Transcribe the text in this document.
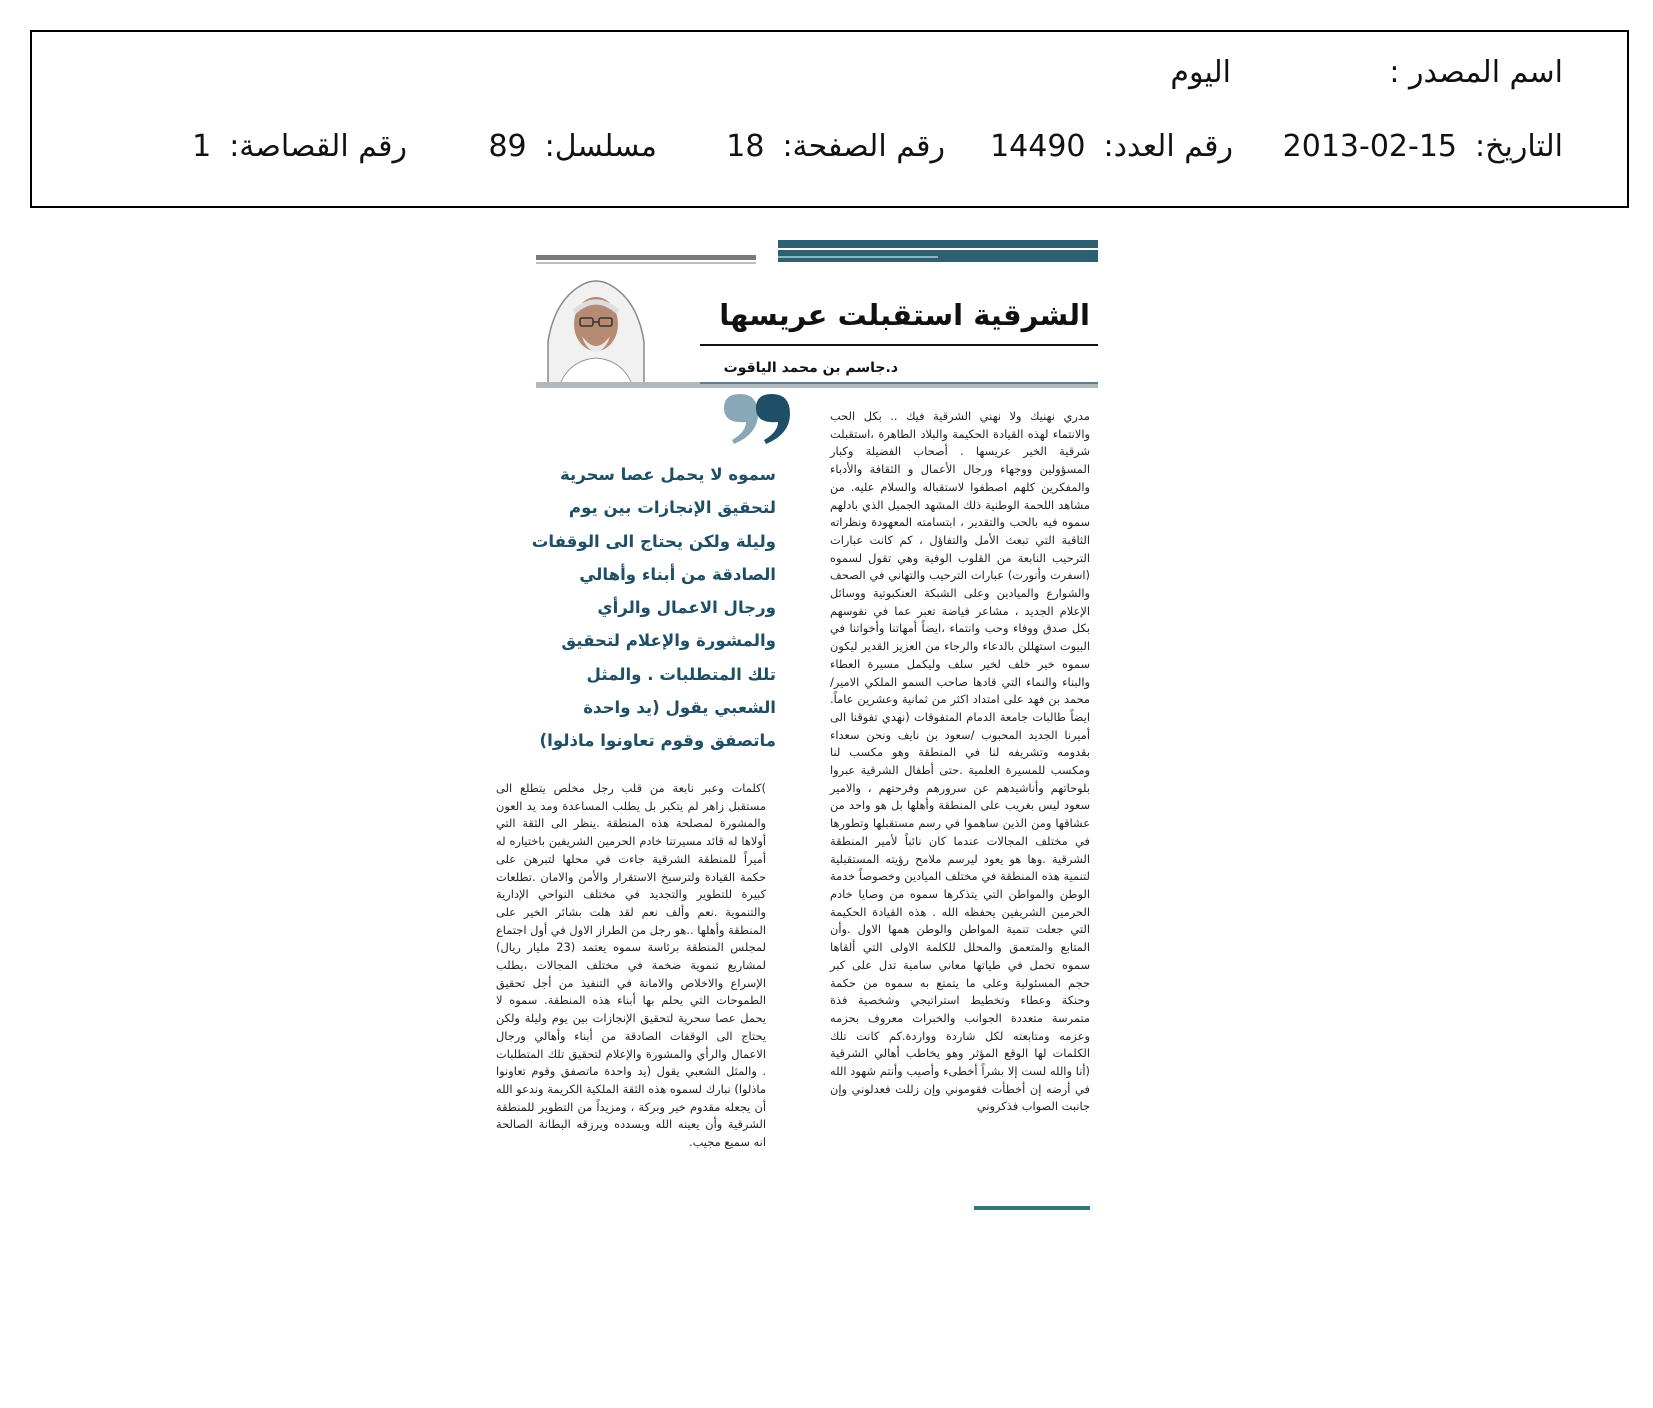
اسم المصدر :
اليوم
التاريخ:2013-02-15
رقم العدد:14490
رقم الصفحة:18
مسلسل:89
رقم القصاصة:1
الشرقية استقبلت عريسها
د.جاسم بن محمد الياقوت

مدري نهنيك ولا نهني الشرقية فيك .. بكل الحب والانتماء لهذه القيادة الحكيمة والبلاد الطاهرة ،استقبلت شرقية الخير عريسها . أصحاب الفضيلة وكبار المسؤولين ووجهاء ورجال الأعمال و الثقافة والأدباء والمفكرين كلهم اصطفوا لاستقباله والسلام عليه. من مشاهد اللحمة الوطنية ذلك المشهد الجميل الذي بادلهم سموه فيه بالحب والتقدير ، ابتسامته المعهودة ونظراته الثاقبة التي تبعث الأمل والتفاؤل ، كم كانت عبارات الترحيب النابعة من القلوب الوفية وهي تقول لسموه (اسفرت وأنورت) عبارات الترحيب والتهاني في الصحف والشوارع والميادين وعلى الشبكة العنكبوتية ووسائل الإعلام الجديد ، مشاعر فياضة تعبر عما في نفوسهم بكل صدق ووفاء وحب وانتماء ،ايضاً أمهاتنا وأخواتنا في البيوت استهللن بالدعاء والرجاء من العزيز القدير ليكون سموه خير خلف لخير سلف وليكمل مسيرة العطاء والبناء والنماء التي قادها صاحب السمو الملكي الامير/محمد بن فهد على امتداد اكثر من ثمانية وعشرين عاماً. ايضاً طالبات جامعة الدمام المتفوقات (نهدي تفوقنا الى أميرنا الجديد المحبوب /سعود بن نايف ونحن سعداء بقدومه وتشريفه لنا في المنطقة وهو مكسب لنا ومكسب للمسيرة العلمية .حتى أطفال الشرقية عبروا بلوحاتهم وأناشيدهم عن سرورهم وفرحتهم ، والامير سعود ليس بغريب على المنطقة وأهلها بل هو واحد من عشاقها ومن الذين ساهموا في رسم مستقبلها وتطورها في مختلف المجالات عندما كان نائباً لأمير المنطقة الشرقية .وها هو يعود ليرسم ملامح رؤيته المستقبلية لتنمية هذه المنطقة في مختلف الميادين وخصوصاً خدمة الوطن والمواطن التي يتذكرها سموه من وصايا خادم الحرمين الشريفين يحفظه الله . هذه القيادة الحكيمة التي جعلت تنمية المواطن والوطن همها الاول .وأن المتابع والمتعمق والمحلل للكلمة الاولى التي ألقاها سموه تحمل في طياتها معاني سامية تدل على كبر حجم المسئولية وعلى ما يتمتع به سموه من حكمة وحنكة وعطاء وتخطيط استراتيجي وشخصية فذة متمرسة متعددة الجوانب والخبرات معروف بحزمه وعزمه ومتابعته لكل شاردة وواردة.كم كانت تلك الكلمات لها الوقع المؤثر وهو يخاطب أهالي الشرقية (أنا والله لست إلا بشراً أخطىء وأصيب وأنتم شهود الله في أرضه إن أخطأت فقوموني وإن زللت فعدلوني وإن جانبت الصواب فذكروني

سموه لا يحمل عصا سحرية لتحقيق الإنجازات بين يوم وليلة ولكن يحتاج الى الوقفات الصادقة من أبناء وأهالي ورجال الاعمال والرأي والمشورة والإعلام لتحقيق تلك المتطلبات . والمثل الشعبي يقول (يد واحدة ماتصفق وقوم تعاونوا ماذلوا)

)كلمات وعبر نابعة من قلب رجل مخلص يتطلع الى مستقبل زاهر لم يتكبر بل يطلب المساعدة ومد يد العون والمشورة لمصلحة هذه المنطقة .ينظر الى الثقة التي أولاها له قائد مسيرتنا خادم الحرمين الشريفين باختياره له أميراً للمنطقة الشرقية جاءت في محلها لتبرهن على حكمة القيادة ولترسيخ الاستقرار والأمن والامان .تطلعات كبيرة للتطوير والتجديد في مختلف النواحي الإدارية والتنموية .نعم وألف نعم لقد هلت بشائر الخير على المنطقة وأهلها ..هو رجل من الطراز الاول في أول اجتماع لمجلس المنطقة برئاسة سموه يعتمد (23 مليار ريال) لمشاريع تنموية ضخمة في مختلف المجالات ،يطلب الإسراع والاخلاص والامانة في التنفيذ من أجل تحقيق الطموحات التي يحلم بها أبناء هذه المنطقة. سموه لا يحمل عصا سحرية لتحقيق الإنجازات بين يوم وليلة ولكن يحتاج الى الوقفات الصادقة من أبناء وأهالي ورجال الاعمال والرأي والمشورة والإعلام لتحقيق تلك المتطلبات . والمثل الشعبي يقول (يد واحدة ماتصفق وقوم تعاونوا ماذلوا) نبارك لسموه هذه الثقة الملكية الكريمة وندعو الله أن يجعله مقدوم خير وبركة ، ومزيداً من التطوير للمنطقة الشرقية وأن يعينه الله ويسدده ويرزقه البطانة الصالحة انه سميع مجيب.
